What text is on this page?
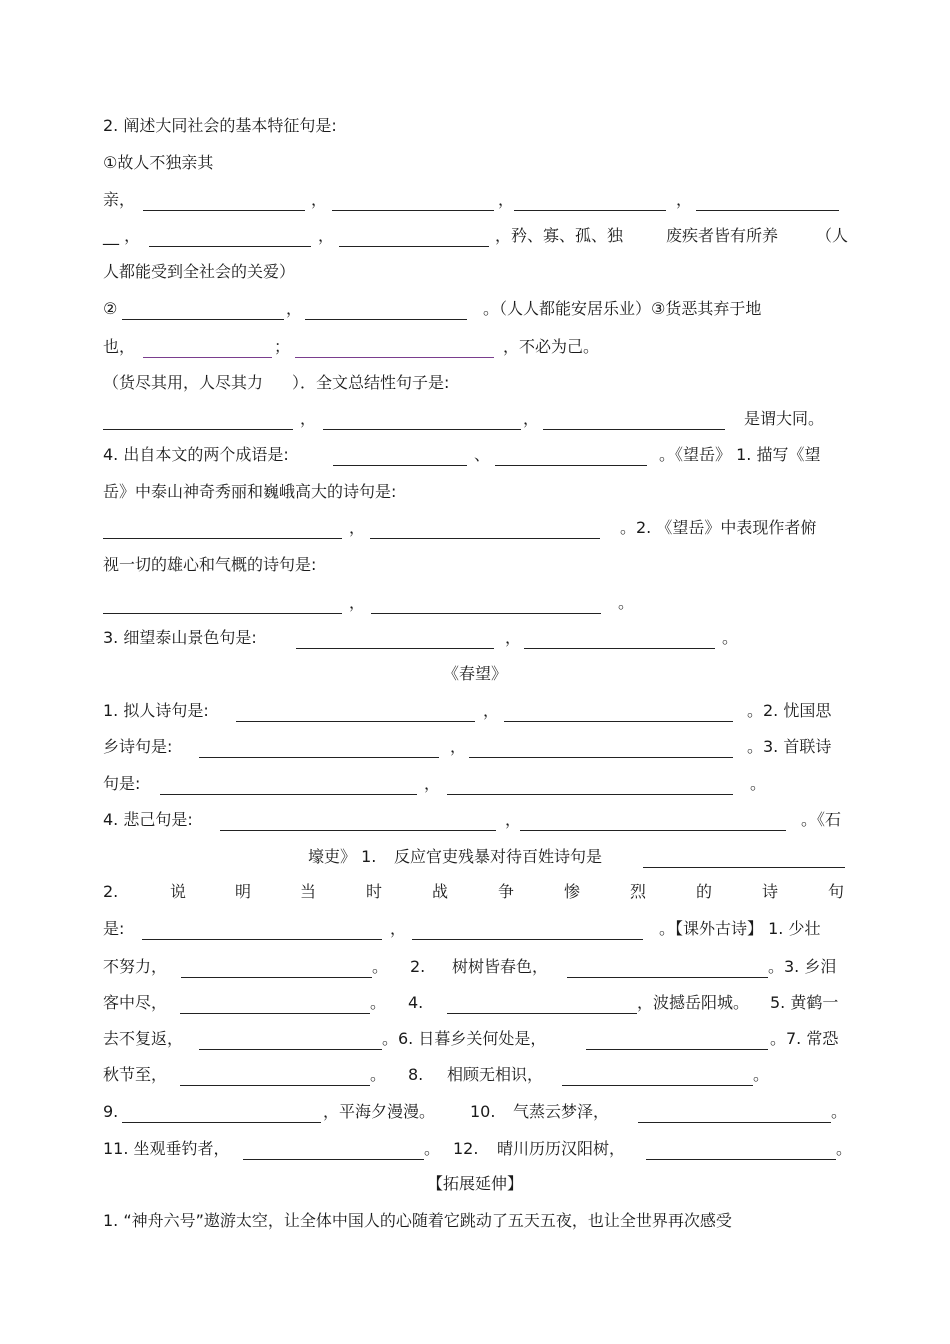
2. 阐述大同社会的基本特征句是:
①故人不独亲其
亲，	，	，	，
__ ，	，	，矜、寡、孤、独	废疾者皆有所养 （人
人都能受到全社会的关爱）
②	，	。（人人都能安居乐业）③货恶其弃于地
也，	；	，不必为己。
（货尽其用，人尽其力 ）．全文总结性句子是:
，	，	是谓大同。
4. 出自本文的两个成语是:	、	。《望岳》 1. 描写《望
岳》中泰山神奇秀丽和巍峨高大的诗句是:
，	。2. 《望岳》中表现作者俯
视一切的雄心和气概的诗句是:
，	。
3. 细望泰山景色句是:	，	。
《春望》
1. 拟人诗句是:	，	。2. 忧国思
乡诗句是:	，	。3. 首联诗
句是:	，	。
4. 悲己句是:	，	。《石
壕吏》 1. 反应官吏残暴对待百姓诗句是
2.	说	明	当	时	战	争	惨	烈	的	诗	句
是:	，	。【课外古诗】 1. 少壮
不努力，	。 2. 树树皆春色，	。3. 乡泪
客中尽，	。 4.	，波撼岳阳城。 5. 黄鹤一
去不复返，	。6. 日暮乡关何处是，	。7. 常恐
秋节至，	。 8. 相顾无相识，	。
9.	，平海夕漫漫。 10. 气蒸云梦泽，	。
11. 坐观垂钓者，	。 12. 晴川历历汉阳树，	。
【拓展延伸】
1. “神舟六号”遨游太空，让全体中国人的心随着它跳动了五天五夜，也让全世界再次感受
